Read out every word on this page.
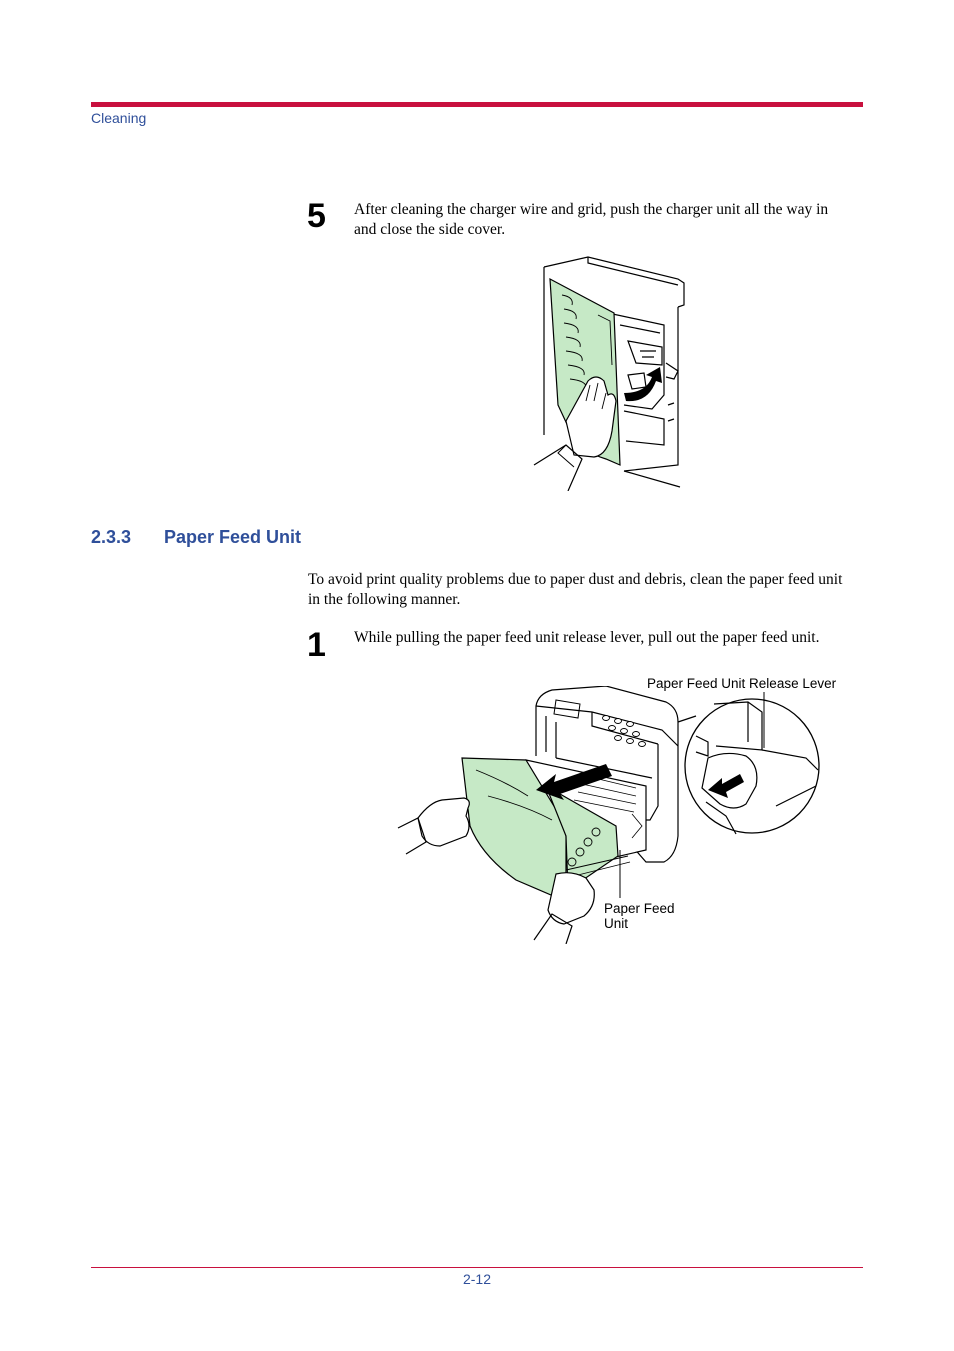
Cleaning
5 After cleaning the charger wire and grid, push the charger unit all the way in and close the side cover.
2.3.3 Paper Feed Unit
To avoid print quality problems due to paper dust and debris, clean the paper feed unit in the following manner.
1 While pulling the paper feed unit release lever, pull out the paper feed unit.
Paper Feed Unit Release Lever
Paper Feed
Unit
2-12
